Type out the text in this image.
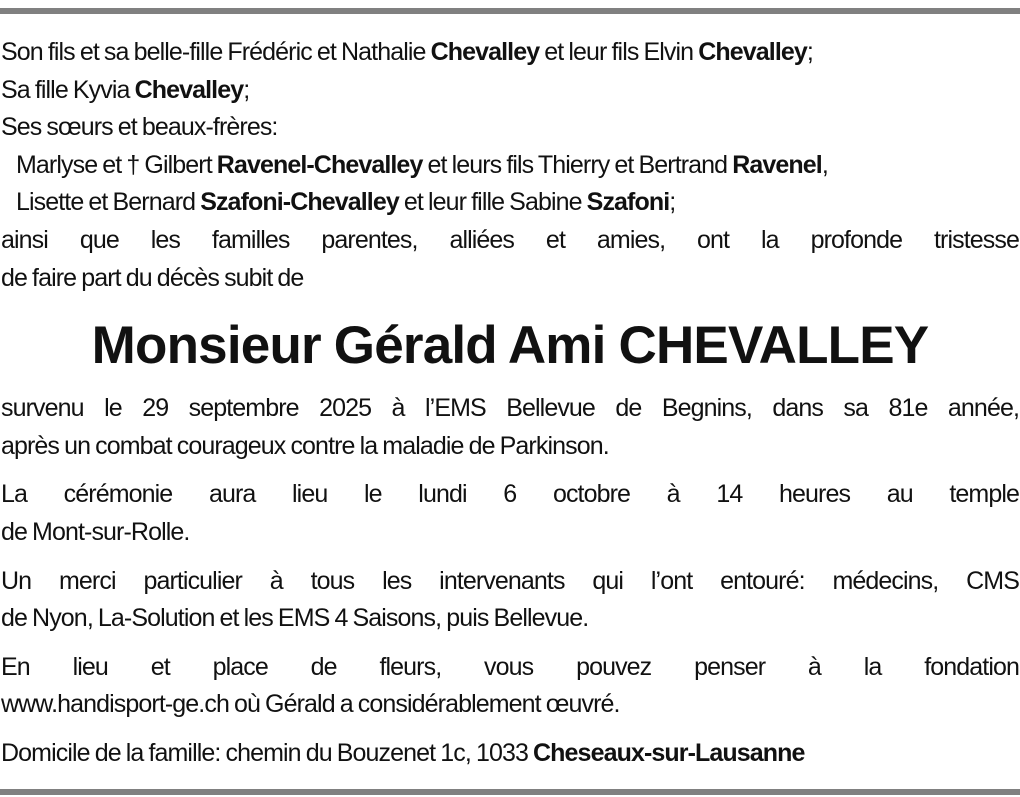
Son fils et sa belle-fille Frédéric et Nathalie Chevalley et leur fils Elvin Chevalley;
Sa fille Kyvia Chevalley;
Ses sœurs et beaux-frères:
Marlyse et † Gilbert Ravenel-Chevalley et leurs fils Thierry et Bertrand Ravenel,
Lisette et Bernard Szafoni-Chevalley et leur fille Sabine Szafoni;
ainsi que les familles parentes, alliées et amies, ont la profonde tristesse
de faire part du décès subit de
Monsieur Gérald Ami CHEVALLEY
survenu le 29 septembre 2025 à l’EMS Bellevue de Begnins, dans sa 81e année,
après un combat courageux contre la maladie de Parkinson.
La cérémonie aura lieu le lundi 6 octobre à 14 heures au temple
de Mont-sur-Rolle.
Un merci particulier à tous les intervenants qui l’ont entouré: médecins, CMS
de Nyon, La-Solution et les EMS 4 Saisons, puis Bellevue.
En lieu et place de fleurs, vous pouvez penser à la fondation
www.handisport-ge.ch où Gérald a considérablement œuvré.
Domicile de la famille: chemin du Bouzenet 1c, 1033 Cheseaux-sur-Lausanne
